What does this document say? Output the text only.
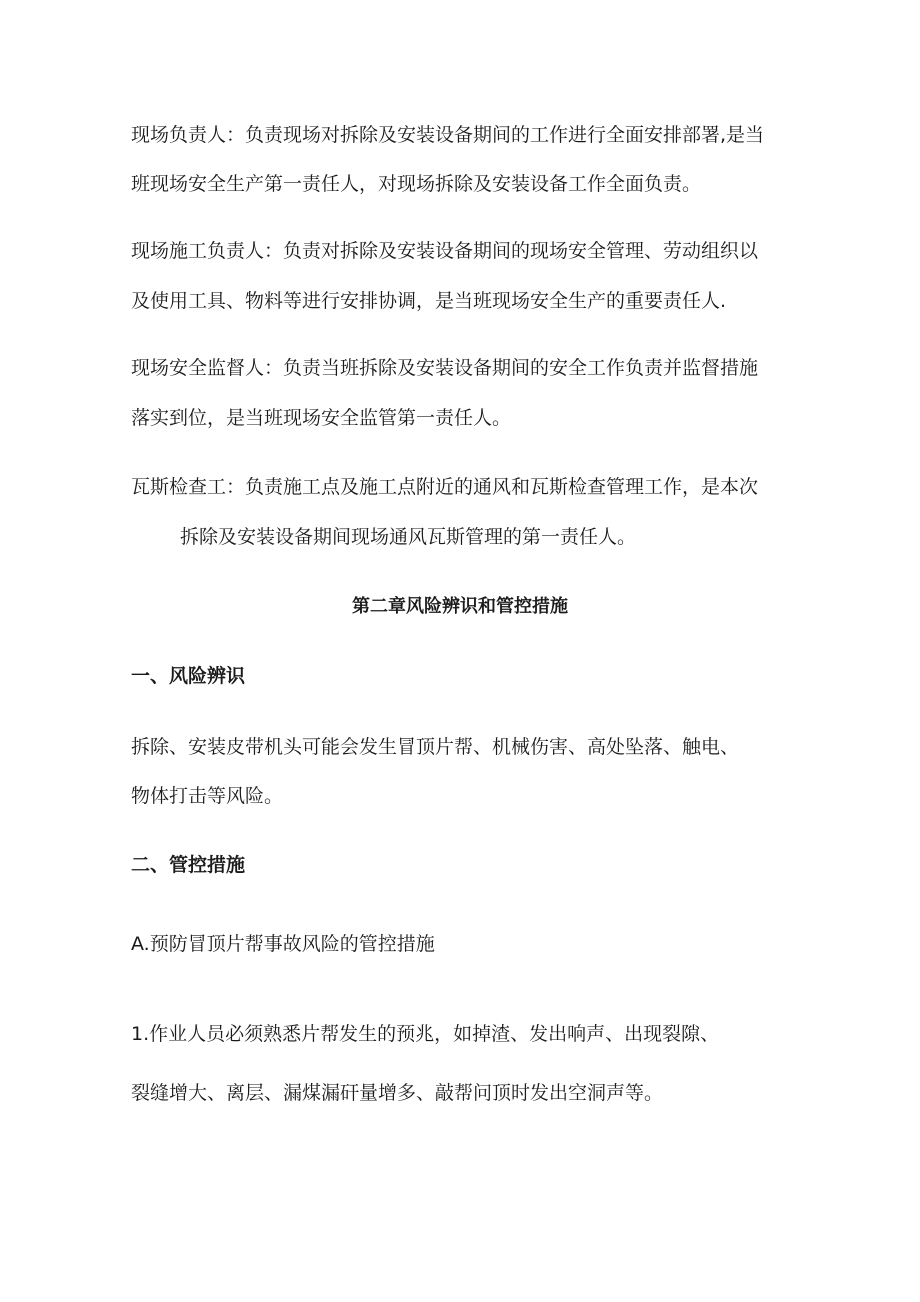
现场负责人：负责现场对拆除及安装设备期间的工作进行全面安排部署,是当
班现场安全生产第一责任人，对现场拆除及安装设备工作全面负责。
现场施工负责人：负责对拆除及安装设备期间的现场安全管理、劳动组织以
及使用工具、物料等进行安排协调，是当班现场安全生产的重要责任人.
现场安全监督人：负责当班拆除及安装设备期间的安全工作负责并监督措施
落实到位，是当班现场安全监管第一责任人。
瓦斯检查工：负责施工点及施工点附近的通风和瓦斯检查管理工作，是本次
拆除及安装设备期间现场通风瓦斯管理的第一责任人。
第二章风险辨识和管控措施
一、风险辨识
拆除、安装皮带机头可能会发生冒顶片帮、机械伤害、高处坠落、触电、
物体打击等风险。
二、管控措施
A.预防冒顶片帮事故风险的管控措施
1.作业人员必须熟悉片帮发生的预兆，如掉渣、发出响声、出现裂隙、
裂缝增大、离层、漏煤漏矸量增多、敲帮问顶时发出空洞声等。
